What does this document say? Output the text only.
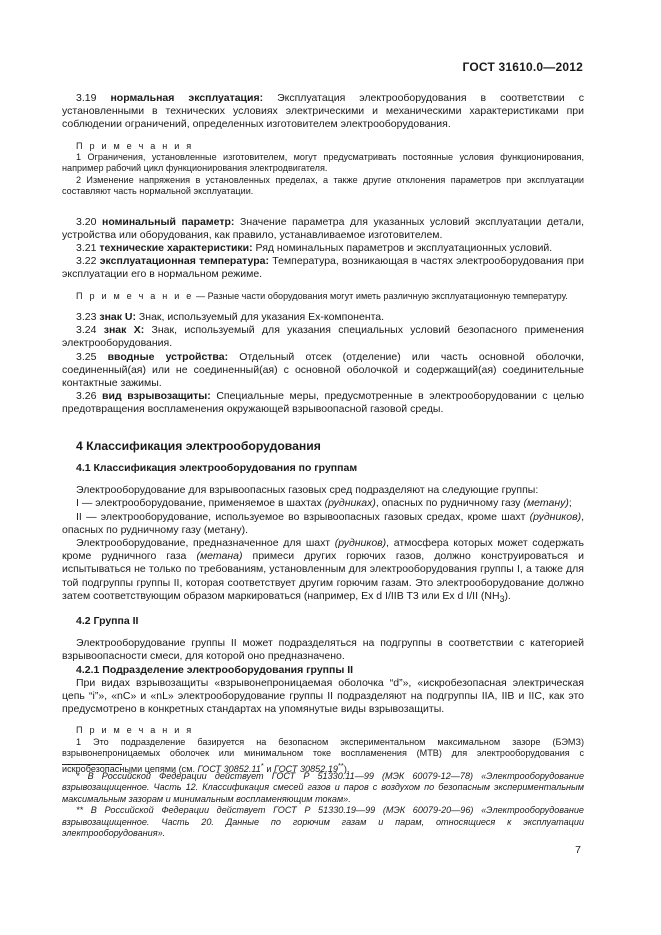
ГОСТ 31610.0—2012

3.19 нормальная эксплуатация: Эксплуатация электрооборудования в соответствии с установленными в технических условиях электрическими и механическими характеристиками при соблюдении ограничений, определенных изготовителем электрооборудования.

П р и м е ч а н и я

1 Ограничения, установленные изготовителем, могут предусматривать постоянные условия функционирования, например рабочий цикл функционирования электродвигателя.

2 Изменение напряжения в установленных пределах, а также другие отклонения параметров при эксплуатации составляют часть нормальной эксплуатации.

3.20 номинальный параметр: Значение параметра для указанных условий эксплуатации детали, устройства или оборудования, как правило, устанавливаемое изготовителем.

3.21 технические характеристики: Ряд номинальных параметров и эксплуатационных условий.

3.22 эксплуатационная температура: Температура, возникающая в частях электрооборудования при эксплуатации его в нормальном режиме.

П р и м е ч а н и е — Разные части оборудования могут иметь различную эксплуатационную температуру.

3.23 знак U: Знак, используемый для указания Ex-компонента.

3.24 знак X: Знак, используемый для указания специальных условий безопасного применения электрооборудования.

3.25 вводные устройства: Отдельный отсек (отделение) или часть основной оболочки, соединенный(ая) или не соединенный(ая) с основной оболочкой и содержащий(ая) соединительные контактные зажимы.

3.26 вид взрывозащиты: Специальные меры, предусмотренные в электрооборудовании с целью предотвращения воспламенения окружающей взрывоопасной газовой среды.

4 Классификация электрооборудования
4.1 Классификация электрооборудования по группам

Электрооборудование для взрывоопасных газовых сред подразделяют на следующие группы:

I — электрооборудование, применяемое в шахтах (рудниках), опасных по рудничному газу (метану);

II — электрооборудование, используемое во взрывоопасных газовых средах, кроме шахт (рудников), опасных по рудничному газу (метану).

Электрооборудование, предназначенное для шахт (рудников), атмосфера которых может содержать кроме рудничного газа (метана) примеси других горючих газов, должно конструироваться и испытываться не только по требованиям, установленным для электрооборудования группы I, а также для той подгруппы группы II, которая соответствует другим горючим газам. Это электрооборудование должно затем соответствующим образом маркироваться (например, Ex d I/IIB T3 или Ex d I/II $(NH_3)$.

4.2 Группа II

Электрооборудование группы II может подразделяться на подгруппы в соответствии с категорией взрывоопасности смеси, для которой оно предназначено.

4.2.1 Подразделение электрооборудования группы II

При видах взрывозащиты «взрывонепроницаемая оболочка “d”», «искробезопасная электрическая цепь “i”», «nC» и «nL» электрооборудование группы II подразделяют на подгруппы IIA, IIB и IIC, как это предусмотрено в конкретных стандартах на упомянутые виды взрывозащиты.

П р и м е ч а н и я

1 Это подразделение базируется на безопасном экспериментальном максимальном зазоре (БЭМЗ) взрывонепроницаемых оболочек или минимальном токе воспламенения (МТВ) для электрооборудования с искробезопасными цепями (см. ГОСТ 30852.11* и ГОСТ 30852.19**).

* В Российской Федерации действует ГОСТ Р 51330.11—99 (МЭК 60079-12—78) «Электрооборудование взрывозащищенное. Часть 12. Классификация смесей газов и паров с воздухом по безопасным экспериментальным максимальным зазорам и минимальным воспламеняющим токам».

** В Российской Федерации действует ГОСТ Р 51330.19—99 (МЭК 60079-20—96) «Электрооборудование взрывозащищенное. Часть 20. Данные по горючим газам и парам, относящиеся к эксплуатации электрооборудования».

7
